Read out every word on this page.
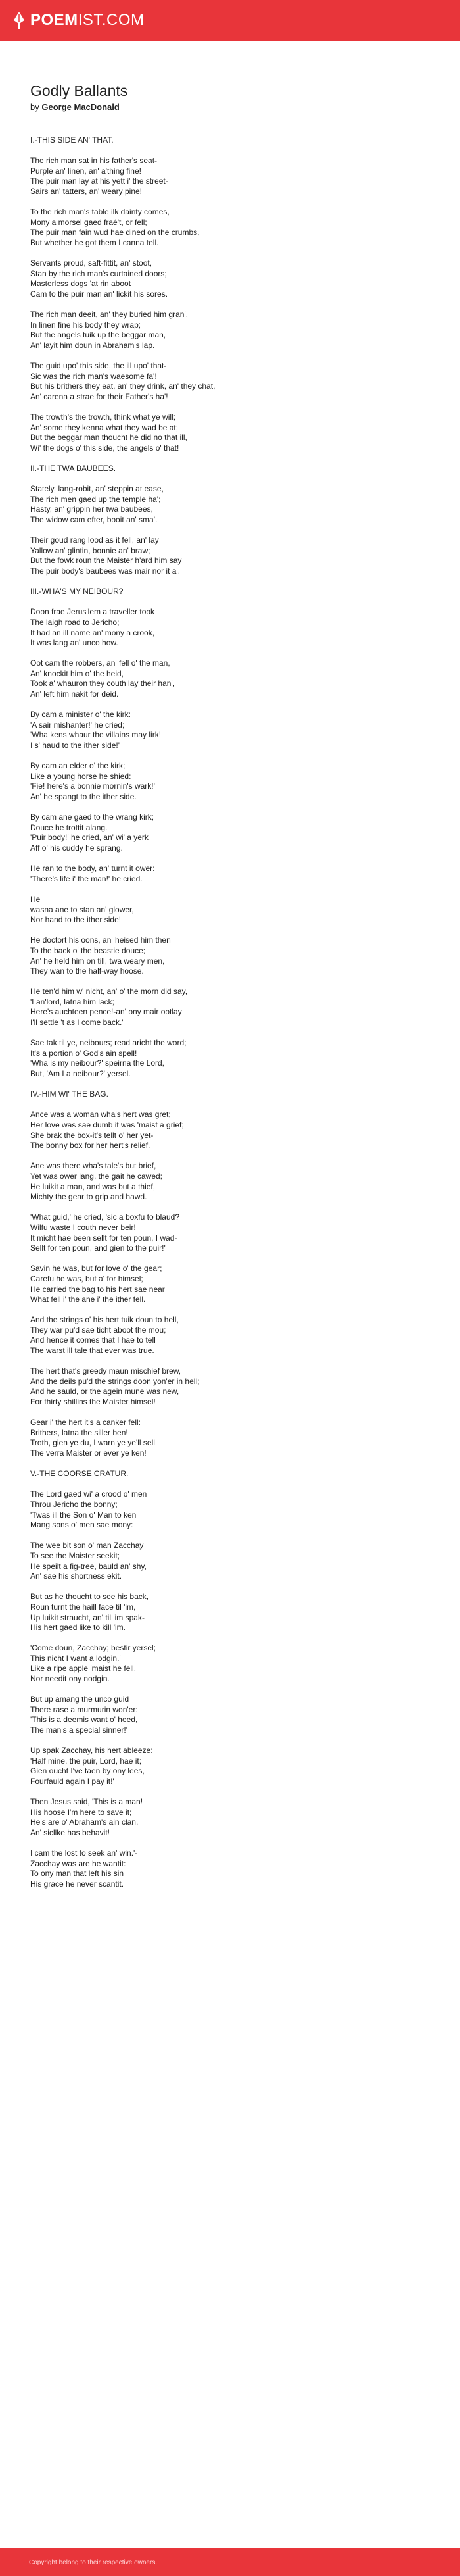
POEMIST.COM
Godly Ballants
by George MacDonald

I.-THIS SIDE AN' THAT.

The rich man sat in his father's seat-
Purple an' linen, an' a'thing fine!
The puir man lay at his yett i' the street-
Sairs an' tatters, an' weary pine!

To the rich man's table ilk dainty comes,
Mony a morsel gaed fraé't, or fell;
The puir man fain wud hae dined on the crumbs,
But whether he got them I canna tell.

Servants proud, saft-fittit, an' stoot,
Stan by the rich man's curtained doors;
Masterless dogs 'at rin aboot
Cam to the puir man an' lickit his sores.

The rich man deeit, an' they buried him gran',
In linen fine his body they wrap;
But the angels tuik up the beggar man,
An' layit him doun in Abraham's lap.

The guid upo' this side, the ill upo' that-
Sic was the rich man's waesome fa'!
But his brithers they eat, an' they drink, an' they chat,
An' carena a strae for their Father's ha'!

The trowth's the trowth, think what ye will;
An' some they kenna what they wad be at;
But the beggar man thoucht he did no that ill,
Wi' the dogs o' this side, the angels o' that!

II.-THE TWA BAUBEES.

Stately, lang-robit, an' steppin at ease,
The rich men gaed up the temple ha';
Hasty, an' grippin her twa baubees,
The widow cam efter, booit an' sma'.

Their goud rang lood as it fell, an' lay
Yallow an' glintin, bonnie an' braw;
But the fowk roun the Maister h'ard him say
The puir body's baubees was mair nor it a'.

III.-WHA'S MY NEIBOUR?

Doon frae Jerus'lem a traveller took
The laigh road to Jericho;
It had an ill name an' mony a crook,
It was lang an' unco how.

Oot cam the robbers, an' fell o' the man,
An' knockit him o' the heid,
Took a' whauron they couth lay their han',
An' left him nakit for deid.

By cam a minister o' the kirk:
'A sair mishanter!' he cried;
'Wha kens whaur the villains may lirk!
I s' haud to the ither side!'

By cam an elder o' the kirk;
Like a young horse he shied:
'Fie! here's a bonnie mornin's wark!'
An' he spangt to the ither side.

By cam ane gaed to the wrang kirk;
Douce he trottit alang.
'Puir body!' he cried, an' wi' a yerk
Aff o' his cuddy he sprang.

He ran to the body, an' turnt it ower:
'There's life i' the man!' he cried.

He
wasna ane to stan an' glower,
Nor hand to the ither side!

He doctort his oons, an' heised him then
To the back o' the beastie douce;
An' he held him on till, twa weary men,
They wan to the half-way hoose.

He ten'd him w' nicht, an' o' the morn did say,
'Lan'lord, latna him lack;
Here's auchteen pence!-an' ony mair ootlay
I'll settle 't as I come back.'

Sae tak til ye, neibours; read aricht the word;
It's a portion o' God's ain spell!
'Wha is my neibour?' speirna the Lord,
But, 'Am I a neibour?' yersel.

IV.-HIM WI' THE BAG.

Ance was a woman wha's hert was gret;
Her love was sae dumb it was 'maist a grief;
She brak the box-it's tellt o' her yet-
The bonny box for her hert's relief.

Ane was there wha's tale's but brief,
Yet was ower lang, the gait he cawed;
He luikit a man, and was but a thief,
Michty the gear to grip and hawd.

'What guid,' he cried, 'sic a boxfu to blaud?
Wilfu waste I couth never beir!
It micht hae been sellt for ten poun, I wad-
Sellt for ten poun, and gien to the puir!'

Savin he was, but for love o' the gear;
Carefu he was, but a' for himsel;
He carried the bag to his hert sae near
What fell i' the ane i' the ither fell.

And the strings o' his hert tuik doun to hell,
They war pu'd sae ticht aboot the mou;
And hence it comes that I hae to tell
The warst ill tale that ever was true.

The hert that's greedy maun mischief brew,
And the deils pu'd the strings doon yon'er in hell;
And he sauld, or the agein mune was new,
For thirty shillins the Maister himsel!

Gear i' the hert it's a canker fell:
Brithers, latna the siller ben!
Troth, gien ye du, I warn ye ye'll sell
The verra Maister or ever ye ken!

V.-THE COORSE CRATUR.

The Lord gaed wi' a crood o' men
Throu Jericho the bonny;
'Twas ill the Son o' Man to ken
Mang sons o' men sae mony:

The wee bit son o' man Zacchay
To see the Maister seekit;
He speilt a fig-tree, bauld an' shy,
An' sae his shortness ekit.

But as he thoucht to see his back,
Roun turnt the haill face til 'im,
Up luikit straucht, an' til 'im spak-
His hert gaed like to kill 'im.

'Come doun, Zacchay; bestir yersel;
This nicht I want a lodgin.'
Like a ripe apple 'maist he fell,
Nor needit ony nodgin.

But up amang the unco guid
There rase a murmurin won'er:
'This is a deemis want o' heed,
The man's a special sinner!'

Up spak Zacchay, his hert ableeze:
'Half mine, the puir, Lord, hae it;
Gien oucht I've taen by ony lees,
Fourfauld again I pay it!'

Then Jesus said, 'This is a man!
His hoose I'm here to save it;
He's are o' Abraham's ain clan,
An' sicllke has behavit!

I cam the lost to seek an' win.'-
Zacchay was are he wantit:
To ony man that left his sin
His grace he never scantit.

Copyright belong to their respective owners.
